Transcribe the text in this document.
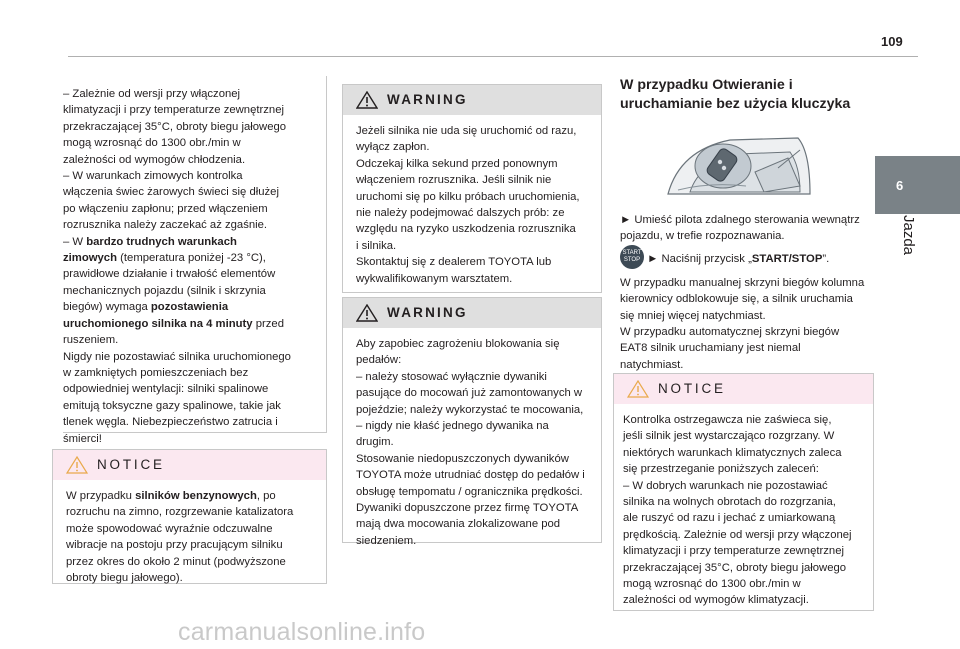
109
6
Jazda

– Zależnie od wersji przy włączonej

klimatyzacji i przy temperaturze zewnętrznej

przekraczającej 35°C, obroty biegu jałowego

mogą wzrosnąć do 1300 obr./min w

zależności od wymogów chłodzenia.

– W warunkach zimowych kontrolka

włączenia świec żarowych świeci się dłużej

po włączeniu zapłonu; przed włączeniem

rozrusznika należy zaczekać aż zgaśnie.

– W bardzo trudnych warunkach

zimowych (temperatura poniżej -23 °C),

prawidłowe działanie i trwałość elementów

mechanicznych pojazdu (silnik i skrzynia

biegów) wymaga pozostawienia

uruchomionego silnika na 4 minuty przed

ruszeniem.

Nigdy nie pozostawiać silnika uruchomionego

w zamkniętych pomieszczeniach bez

odpowiedniej wentylacji: silniki spalinowe

emitują toksyczne gazy spalinowe, takie jak

tlenek węgla. Niebezpieczeństwo zatrucia i

śmierci!

NOTICE

W przypadku silników benzynowych, po

rozruchu na zimno, rozgrzewanie katalizatora

może spowodować wyraźnie odczuwalne

wibracje na postoju przy pracującym silniku

przez okres do około 2 minut (podwyższone

obroty biegu jałowego).

WARNING

Jeżeli silnika nie uda się uruchomić od razu,

wyłącz zapłon.

Odczekaj kilka sekund przed ponownym

włączeniem rozrusznika. Jeśli silnik nie

uruchomi się po kilku próbach uruchomienia,

nie należy podejmować dalszych prób: ze

względu na ryzyko uszkodzenia rozrusznika

i silnika.

Skontaktuj się z dealerem TOYOTA lub

wykwalifikowanym warsztatem.

WARNING

Aby zapobiec zagrożeniu blokowania się

pedałów:

– należy stosować wyłącznie dywaniki

pasujące do mocowań już zamontowanych w

pojeździe; należy wykorzystać te mocowania,

– nigdy nie kłaść jednego dywanika na

drugim.

Stosowanie niedopuszczonych dywaników

TOYOTA może utrudniać dostęp do pedałów i

obsługę tempomatu / ogranicznika prędkości.

Dywaniki dopuszczone przez firmę TOYOTA

mają dwa mocowania zlokalizowane pod

siedzeniem.

W przypadku Otwieranie i
uruchamianie bez użycia kluczyka

► Umieść pilota zdalnego sterowania wewnątrz

pojazdu, w trefie rozpoznawania.

START
STOP ► Naciśnij przycisk „START/STOP”.

W przypadku manualnej skrzyni biegów kolumna

kierownicy odblokowuje się, a silnik uruchamia

się mniej więcej natychmiast.

W przypadku automatycznej skrzyni biegów

EAT8 silnik uruchamiany jest niemal

natychmiast.

NOTICE

Kontrolka ostrzegawcza nie zaświeca się,

jeśli silnik jest wystarczająco rozgrzany. W

niektórych warunkach klimatycznych zaleca

się przestrzeganie poniższych zaleceń:

– W dobrych warunkach nie pozostawiać

silnika na wolnych obrotach do rozgrzania,

ale ruszyć od razu i jechać z umiarkowaną

prędkością. Zależnie od wersji przy włączonej

klimatyzacji i przy temperaturze zewnętrznej

przekraczającej 35°C, obroty biegu jałowego

mogą wzrosnąć do 1300 obr./min w

zależności od wymogów klimatyzacji.

carmanualsonline.info
